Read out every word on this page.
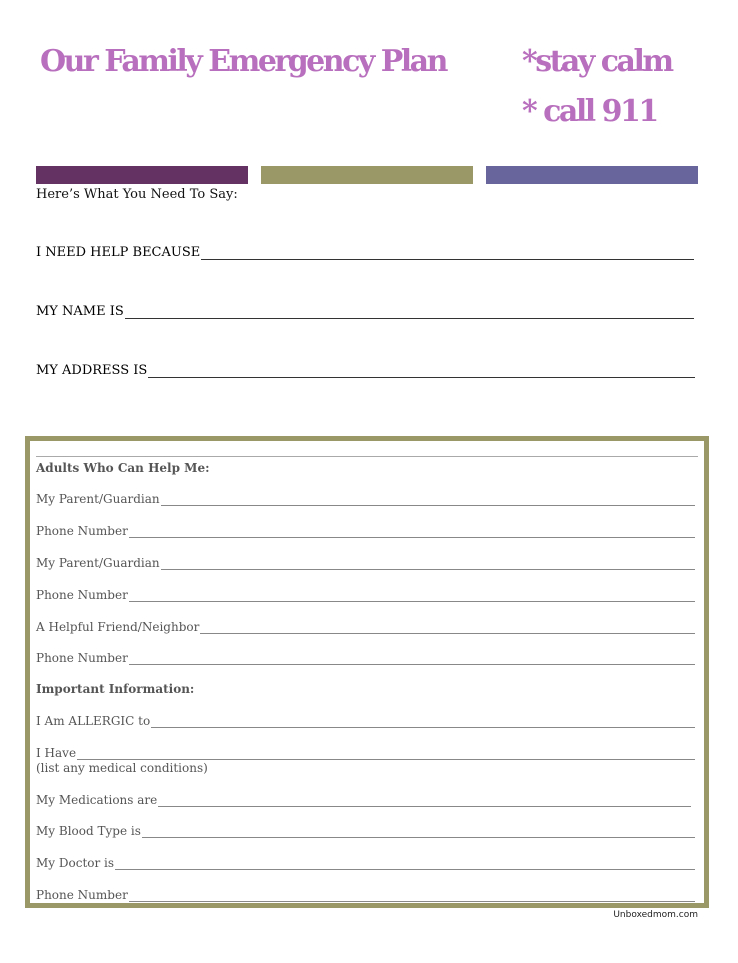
Our Family Emergency Plan	*stay calm
* call 911
Here’s What You Need To Say:
I NEED HELP BECAUSE
MY NAME IS
MY ADDRESS IS
Adults Who Can Help Me:
My Parent/Guardian
Phone Number
My Parent/Guardian
Phone Number
A Helpful Friend/Neighbor
Phone Number
Important Information:
I Am ALLERGIC to
I Have
(list any medical conditions)
My Medications are
My Blood Type is
My Doctor is
Phone Number
Unboxedmom.com
